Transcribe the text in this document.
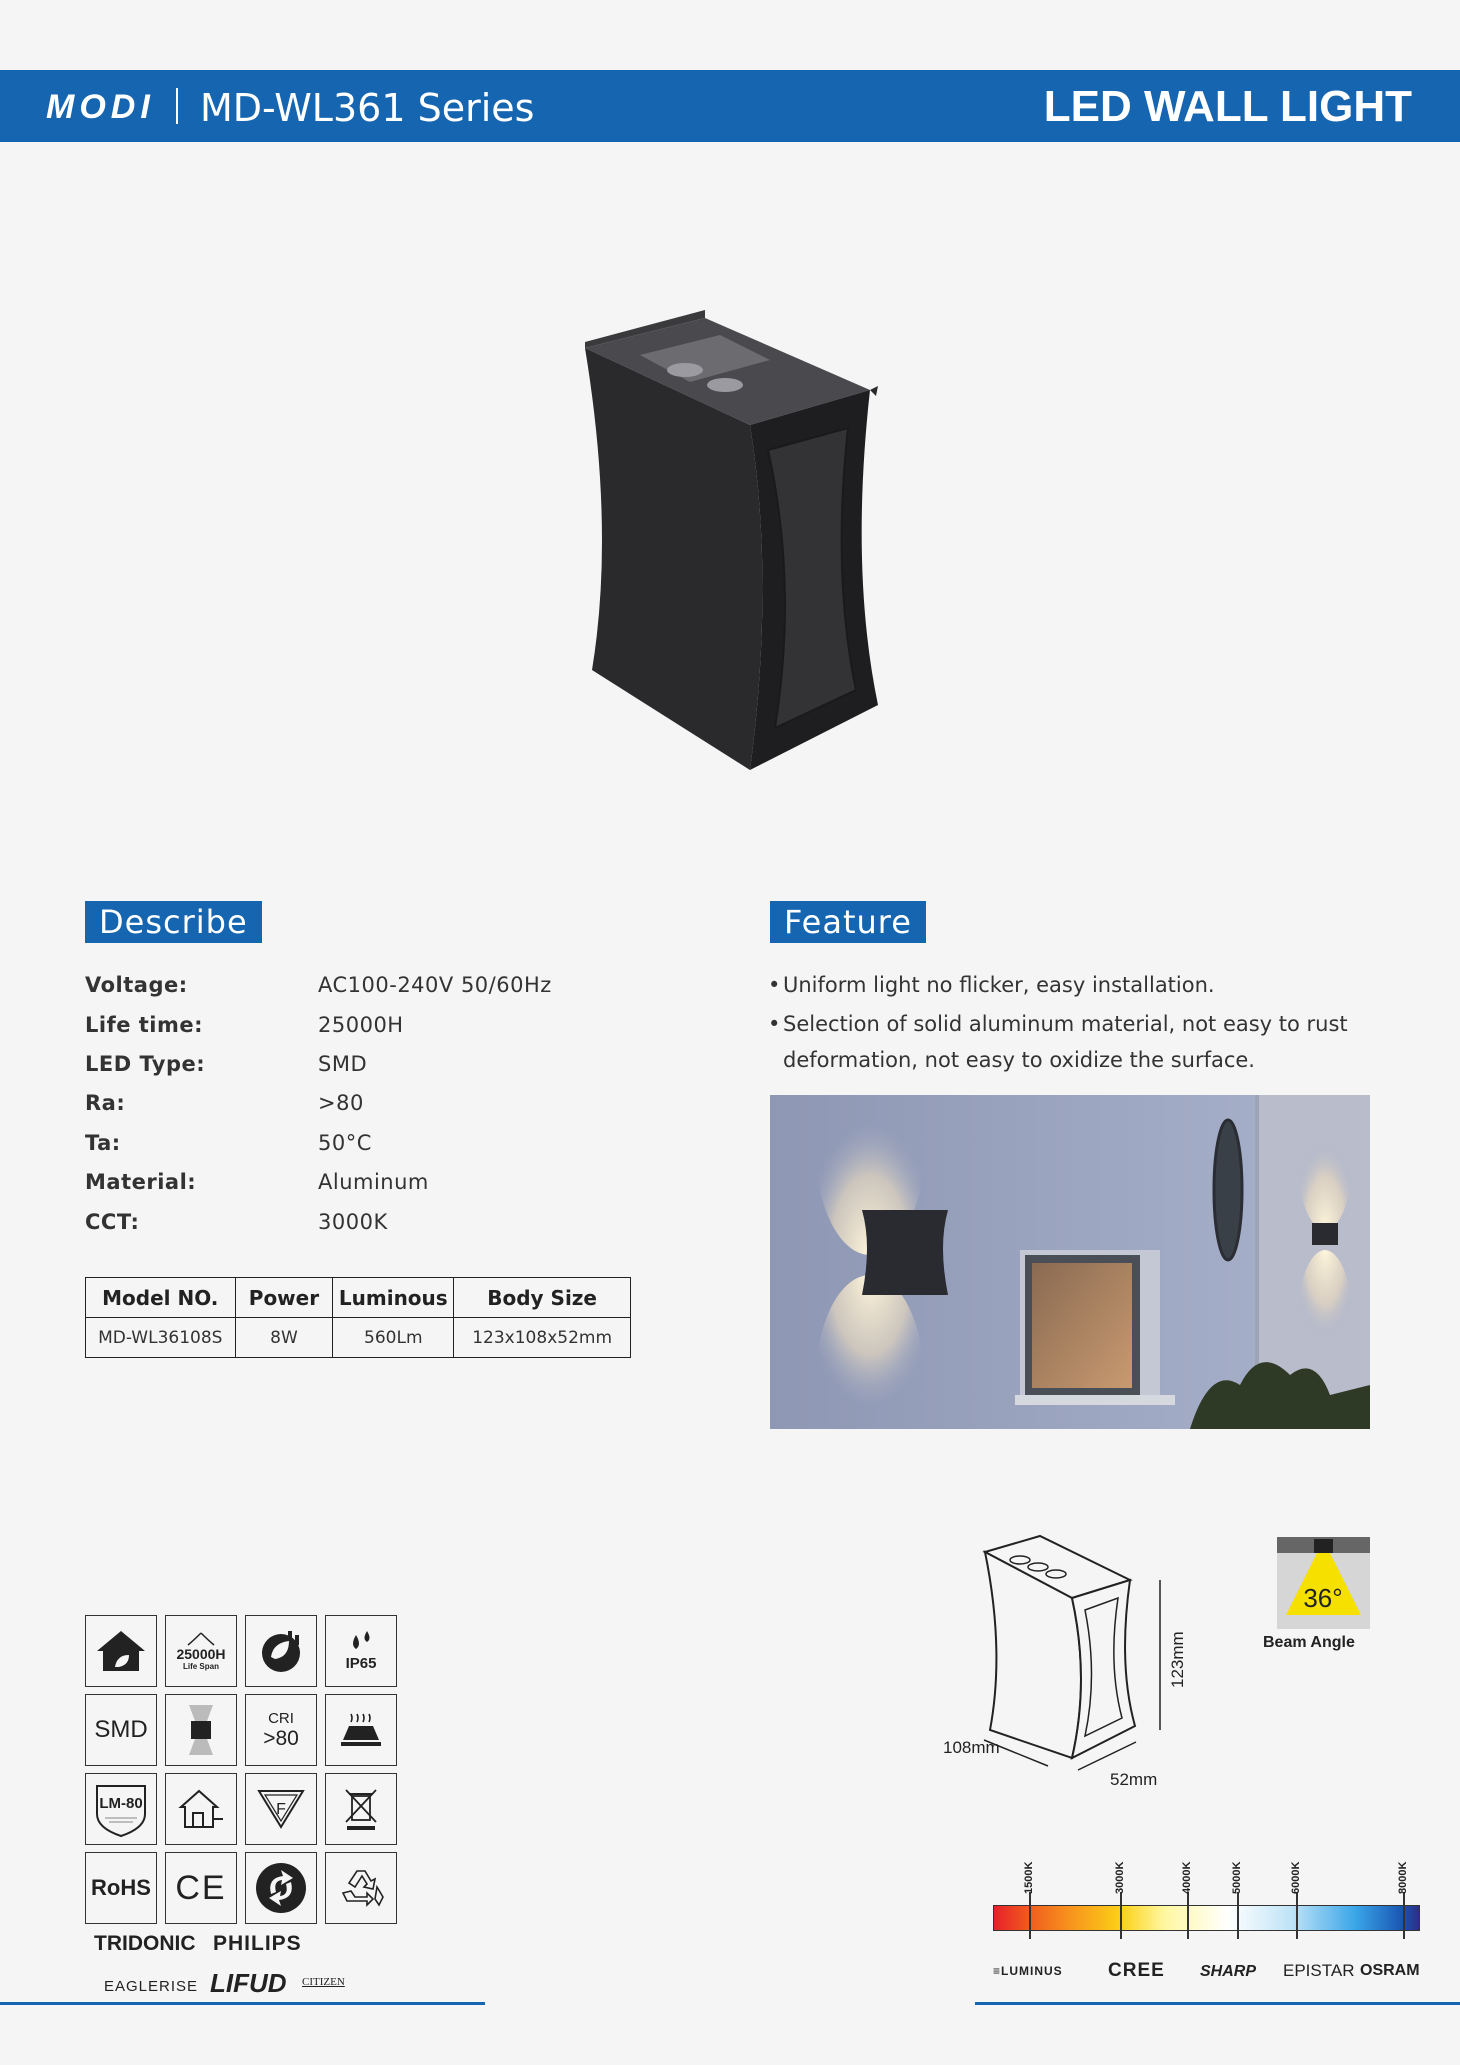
MODI MD-WL361 Series	LED WALL LIGHT
Describe
Voltage:	AC100-240V 50/60Hz
Life time:	25000H
LED Type:	SMD
Ra:	>80
Ta:	50°C
Material:	Aluminum
CCT:	3000K
Model NO.	Power	Luminous	Body Size
MD-WL36108S	8W	560Lm	123x108x52mm
Feature
• Uniform light no flicker, easy installation.
• Selection of solid aluminum material, not easy to rust deformation, not easy to oxidize the surface.
25000H
Life Span	IP65
SMD	CRI
>80
LM-80	F
RoHS CE
TRIDONIC PHILIPS
EAGLERISE LIFUD CITIZEN
123mm
108mm
52mm
36°
Beam Angle
1500K	3000K	4000K	5000K	6000K	8000K
≡LUMINUS CREE SHARP EPISTAR OSRAM
